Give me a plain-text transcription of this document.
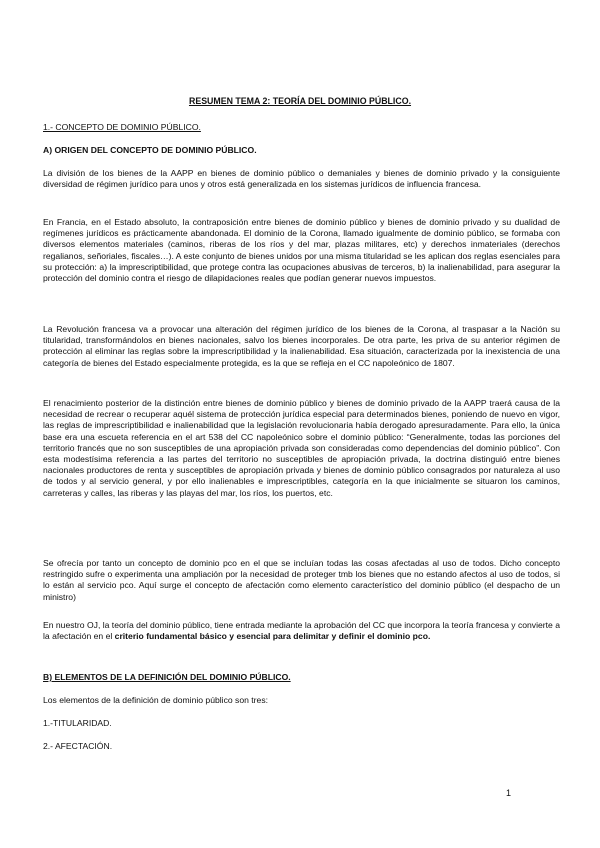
RESUMEN TEMA 2: TEORÍA DEL DOMINIO PÚBLICO.
1.- CONCEPTO DE DOMINIO PÚBLICO.
A) ORIGEN DEL CONCEPTO DE DOMINIO PÚBLICO.
La división de los bienes de la AAPP en bienes de dominio público o demaniales y bienes de dominio privado y la consiguiente diversidad de régimen jurídico para unos y otros está generalizada en los sistemas jurídicos de influencia francesa.
En Francia, en el Estado absoluto, la contraposición entre bienes de dominio público y bienes de dominio privado y su dualidad de regímenes jurídicos es prácticamente abandonada. El dominio de la Corona, llamado igualmente de dominio público, se formaba con diversos elementos materiales (caminos, riberas de los ríos y del mar, plazas militares, etc) y derechos inmateriales (derechos regalianos, señoriales, fiscales…). A este conjunto de bienes unidos por una misma titularidad se les aplican dos reglas esenciales para su protección: a) la imprescriptibilidad, que protege contra las ocupaciones abusivas de terceros, b) la inalienabilidad, para asegurar la protección del dominio contra el riesgo de dilapidaciones reales que podían generar nuevos impuestos.
La Revolución francesa va a provocar una alteración del régimen jurídico de los bienes de la Corona, al traspasar a la Nación su titularidad, transformándolos en bienes nacionales, salvo los bienes incorporales. De otra parte, les priva de su anterior régimen de protección al eliminar las reglas sobre la imprescriptibilidad y la inalienabilidad. Esa situación, caracterizada por la inexistencia de una categoría de bienes del Estado especialmente protegida, es la que se refleja en el CC napoleónico de 1807.
El renacimiento posterior de la distinción entre bienes de dominio público y bienes de dominio privado de la AAPP traerá causa de la necesidad de recrear o recuperar aquél sistema de protección jurídica especial para determinados bienes, poniendo de nuevo en vigor, las reglas de imprescriptibilidad e inalienabilidad que la legislación revolucionaria había derogado apresuradamente. Para ello, la única base era una escueta referencia en el art 538 del CC napoleónico sobre el dominio público: “Generalmente, todas las porciones del territorio francés que no son susceptibles de una apropiación privada son consideradas como dependencias del dominio público”. Con esta modestísima referencia a las partes del territorio no susceptibles de apropiación privada, la doctrina distinguió entre bienes nacionales productores de renta y susceptibles de apropiación privada y bienes de dominio público consagrados por naturaleza al uso de todos y al servicio general, y por ello inalienables e imprescriptibles, categoría en la que inicialmente se situaron los caminos, carreteras y calles, las riberas y las playas del mar, los ríos, los puertos, etc.
Se ofrecía por tanto un concepto de dominio pco en el que se incluían todas las cosas afectadas al uso de todos. Dicho concepto restringido sufre o experimenta una ampliación por la necesidad de proteger tmb los bienes que no estando afectos al uso de todos, si lo están al servicio pco. Aquí surge el concepto de afectación como elemento característico del dominio público (el despacho de un ministro)
En nuestro OJ, la teoría del dominio público, tiene entrada mediante la aprobación del CC que incorpora la teoría francesa y convierte a la afectación en el criterio fundamental básico y esencial para delimitar y definir el dominio pco.
B) ELEMENTOS DE LA DEFINICIÓN DEL DOMINIO PÚBLICO.
Los elementos de la definición de dominio público son tres:
1.-TITULARIDAD.
2.- AFECTACIÓN.
1
